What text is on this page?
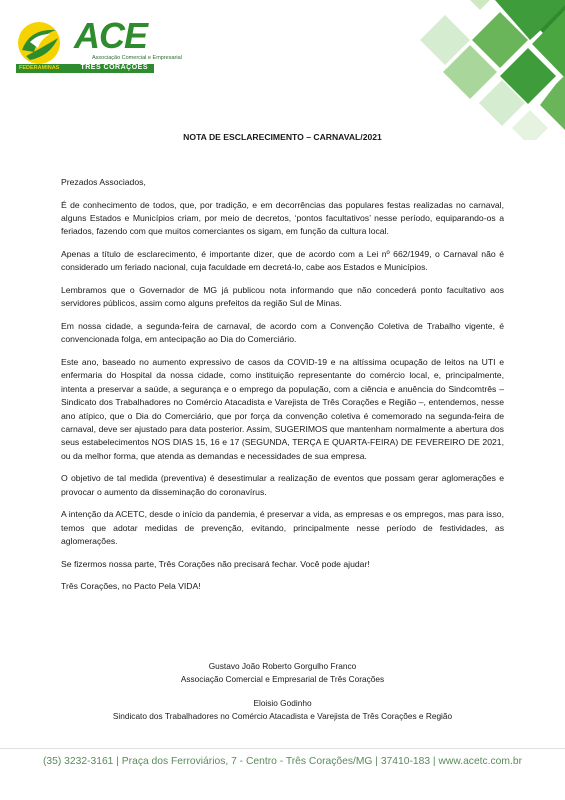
ACE
Associação Comercial e Empresarial
FEDERAMINAS	TRÊS CORAÇÕES
NOTA DE ESCLARECIMENTO – CARNAVAL/2021

Prezados Associados,

É de conhecimento de todos, que, por tradição, e em decorrências das populares festas realizadas no carnaval, alguns Estados e Municípios criam, por meio de decretos, ‘pontos facultativos’ nesse período, equiparando-os a feriados, fazendo com que muitos comerciantes os sigam, em função da cultura local.

Apenas a título de esclarecimento, é importante dizer, que de acordo com a Lei nº 662/1949, o Carnaval não é considerado um feriado nacional, cuja faculdade em decretá-lo, cabe aos Estados e Municípios.

Lembramos que o Governador de MG já publicou nota informando que não concederá ponto facultativo aos servidores públicos, assim como alguns prefeitos da região Sul de Minas.

Em nossa cidade, a segunda-feira de carnaval, de acordo com a Convenção Coletiva de Trabalho vigente, é convencionada folga, em antecipação ao Dia do Comerciário.

Este ano, baseado no aumento expressivo de casos da COVID-19 e na altíssima ocupação de leitos na UTI e enfermaria do Hospital da nossa cidade, como instituição representante do comércio local, e, principalmente, intenta a preservar a saúde, a segurança e o emprego da população, com a ciência e anuência do Sindcomtrês – Sindicato dos Trabalhadores no Comércio Atacadista e Varejista de Três Corações e Região –, entendemos, nesse ano atípico, que o Dia do Comerciário, que por força da convenção coletiva é comemorado na segunda-feira de carnaval, deve ser ajustado para data posterior. Assim, SUGERIMOS que mantenham normalmente a abertura dos seus estabelecimentos NOS DIAS 15, 16 e 17 (SEGUNDA, TERÇA E QUARTA-FEIRA) DE FEVEREIRO DE 2021, ou da melhor forma, que atenda as demandas e necessidades de sua empresa.

O objetivo de tal medida (preventiva) é desestimular a realização de eventos que possam gerar aglomerações e provocar o aumento da disseminação do coronavírus.

A intenção da ACETC, desde o início da pandemia, é preservar a vida, as empresas e os empregos, mas para isso, temos que adotar medidas de prevenção, evitando, principalmente nesse período de festividades, as aglomerações.

Se fizermos nossa parte, Três Corações não precisará fechar. Você pode ajudar!

Três Corações, no Pacto Pela VIDA!

Gustavo João Roberto Gorgulho Franco
Associação Comercial e Empresarial de Três Corações
Eloisio Godinho
Sindicato dos Trabalhadores no Comércio Atacadista e Varejista de Três Corações e Região
(35) 3232-3161 | Praça dos Ferroviários, 7 - Centro - Três Corações/MG | 37410-183 | www.acetc.com.br
